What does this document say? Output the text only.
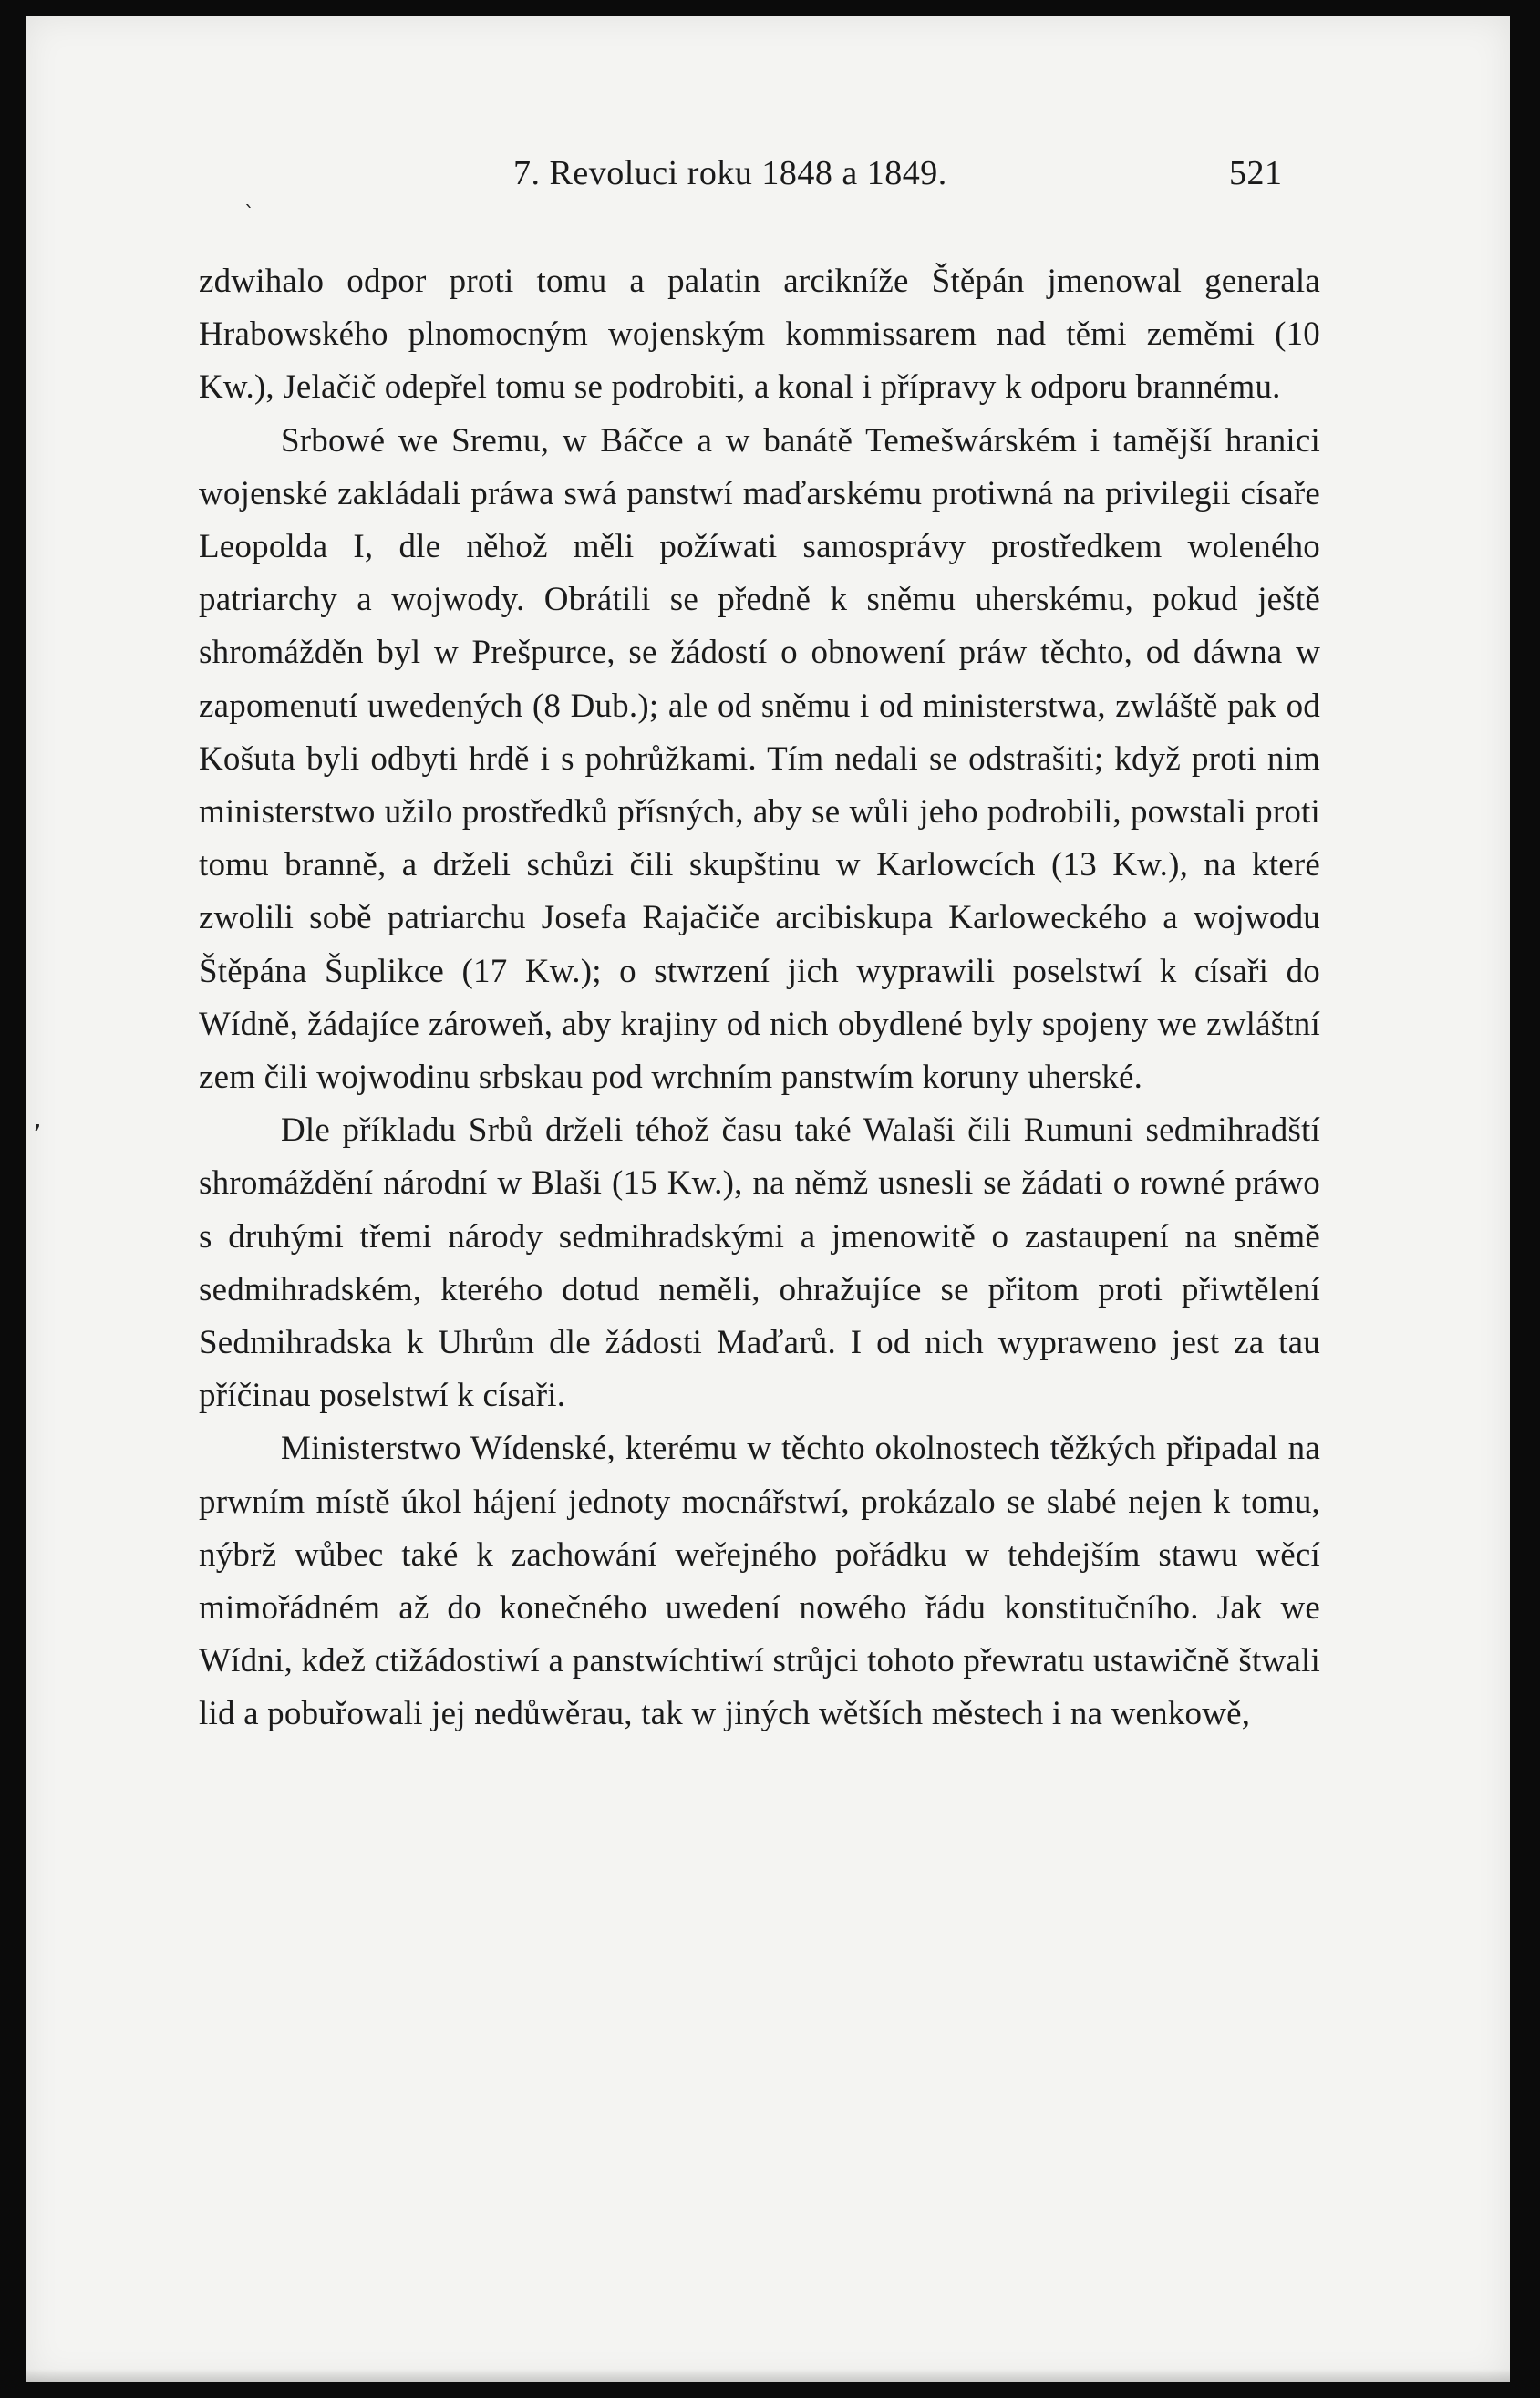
7. Revoluci roku 1848 a 1849.	521

zdwihalo odpor proti tomu a palatin arcikníže Štěpán jmenowal generala Hrabowského plnomocným wojenským kommissarem nad těmi zeměmi (10 Kw.), Jelačič odepřel tomu se podrobiti, a konal i přípravy k odporu brannému.

Srbowé we Sremu, w Báčce a w banátě Temešwárském i tamější hranici wojenské zakládali práwa swá panstwí maďarskému protiwná na privilegii císaře Leopolda I, dle něhož měli požíwati samosprávy prostředkem woleného patriarchy a wojwody. Obrátili se předně k sněmu uherskému, pokud ještě shromážděn byl w Prešpurce, se žádostí o obnowení práw těchto, od dáwna w zapomenutí uwedených (8 Dub.); ale od sněmu i od ministerstwa, zwláště pak od Košuta byli odbyti hrdě i s pohrůžkami. Tím nedali se odstrašiti; když proti nim ministerstwo užilo prostředků přísných, aby se wůli jeho podrobili, powstali proti tomu branně, a drželi schůzi čili skupštinu w Karlowcích (13 Kw.), na které zwolili sobě patriarchu Josefa Rajačiče arcibiskupa Karloweckého a wojwodu Štěpána Šuplikce (17 Kw.); o stwrzení jich wyprawili poselstwí k císaři do Wídně, žádajíce zároweň, aby krajiny od nich obydlené byly spojeny we zwláštní zem čili wojwodinu srbskau pod wrchním panstwím koruny uherské.

Dle příkladu Srbů drželi téhož času také Walaši čili Rumuni sedmihradští shromáždění národní w Blaši (15 Kw.), na němž usnesli se žádati o rowné práwo s druhými třemi národy sedmihradskými a jmenowitě o zastaupení na sněmě sedmihradském, kterého dotud neměli, ohražujíce se přitom proti přiwtělení Sedmihradska k Uhrům dle žádosti Maďarů. I od nich wypraweno jest za tau příčinau poselstwí k císaři.

Ministerstwo Wídenské, kterému w těchto okolnostech těžkých připadal na prwním místě úkol hájení jednoty mocnářstwí, prokázalo se slabé nejen k tomu, nýbrž wůbec také k zachowání weřejného pořádku w tehdejším stawu wěcí mimořádném až do konečného uwedení nowého řádu konstitučního. Jak we Wídni, kdež ctižádostiwí a panstwíchtiwí strůjci tohoto přewratu ustawičně štwali lid a pobuřowali jej nedůwěrau, tak w jiných wětších městech i na wenkowě,

ˋ
’
